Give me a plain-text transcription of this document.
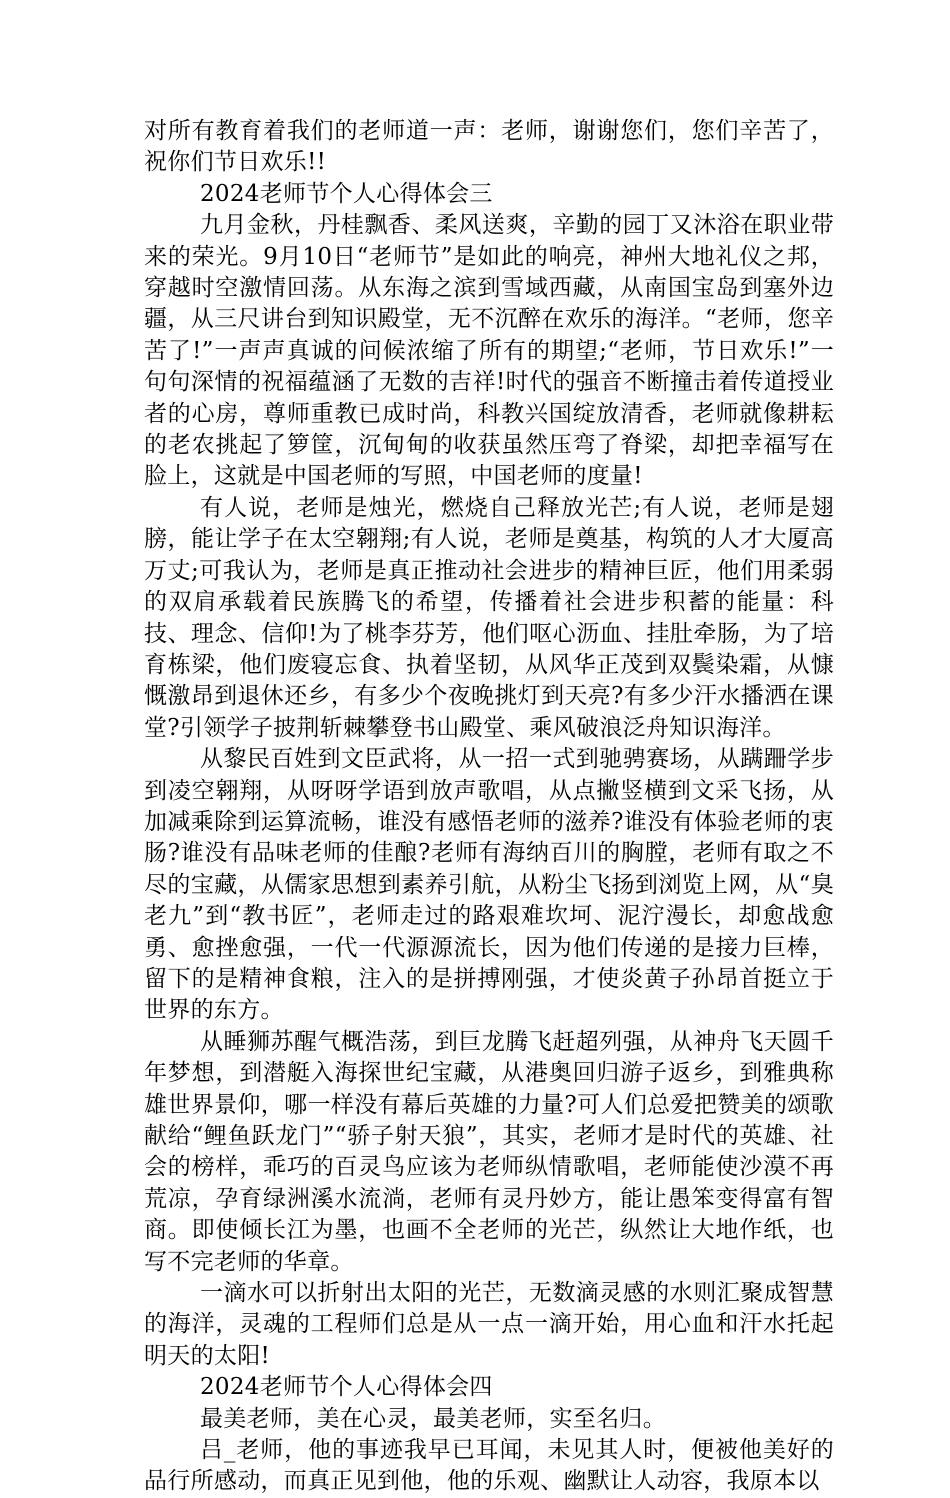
对所有教育着我们的老师道一声：老师，谢谢您们，您们辛苦了，祝你们节日欢乐!!

2024老师节个人心得体会三

九月金秋，丹桂飘香、柔风送爽，辛勤的园丁又沐浴在职业带来的荣光。9月10日“老师节”是如此的响亮，神州大地礼仪之邦，穿越时空激情回荡。从东海之滨到雪域西藏，从南国宝岛到塞外边疆，从三尺讲台到知识殿堂，无不沉醉在欢乐的海洋。“老师，您辛苦了!”一声声真诚的问候浓缩了所有的期望;“老师，节日欢乐!”一句句深情的祝福蕴涵了无数的吉祥!时代的强音不断撞击着传道授业者的心房，尊师重教已成时尚，科教兴国绽放清香，老师就像耕耘的老农挑起了箩筐，沉甸甸的收获虽然压弯了脊梁，却把幸福写在脸上，这就是中国老师的写照，中国老师的度量!

有人说，老师是烛光，燃烧自己释放光芒;有人说，老师是翅膀，能让学子在太空翱翔;有人说，老师是奠基，构筑的人才大厦高万丈;可我认为，老师是真正推动社会进步的精神巨匠，他们用柔弱的双肩承载着民族腾飞的希望，传播着社会进步积蓄的能量：科技、理念、信仰!为了桃李芬芳，他们呕心沥血、挂肚牵肠，为了培育栋梁，他们废寝忘食、执着坚韧，从风华正茂到双鬓染霜，从慷慨激昂到退休还乡，有多少个夜晚挑灯到天亮?有多少汗水播洒在课堂?引领学子披荆斩棘攀登书山殿堂、乘风破浪泛舟知识海洋。

从黎民百姓到文臣武将，从一招一式到驰骋赛场，从蹒跚学步到凌空翱翔，从呀呀学语到放声歌唱，从点撇竖横到文采飞扬，从加减乘除到运算流畅，谁没有感悟老师的滋养?谁没有体验老师的衷肠?谁没有品味老师的佳酿?老师有海纳百川的胸膛，老师有取之不尽的宝藏，从儒家思想到素养引航，从粉尘飞扬到浏览上网，从“臭老九”到“教书匠”，老师走过的路艰难坎坷、泥泞漫长，却愈战愈勇、愈挫愈强，一代一代源源流长，因为他们传递的是接力巨棒，留下的是精神食粮，注入的是拼搏刚强，才使炎黄子孙昂首挺立于世界的东方。

从睡狮苏醒气概浩荡，到巨龙腾飞赶超列强，从神舟飞天圆千年梦想，到潜艇入海探世纪宝藏，从港奥回归游子返乡，到雅典称雄世界景仰，哪一样没有幕后英雄的力量?可人们总爱把赞美的颂歌献给“鲤鱼跃龙门”“骄子射天狼”，其实，老师才是时代的英雄、社会的榜样，乖巧的百灵鸟应该为老师纵情歌唱，老师能使沙漠不再荒凉，孕育绿洲溪水流淌，老师有灵丹妙方，能让愚笨变得富有智商。即使倾长江为墨，也画不全老师的光芒，纵然让大地作纸，也写不完老师的华章。

一滴水可以折射出太阳的光芒，无数滴灵感的水则汇聚成智慧的海洋，灵魂的工程师们总是从一点一滴开始，用心血和汗水托起明天的太阳!

2024老师节个人心得体会四

最美老师，美在心灵，最美老师，实至名归。

吕_老师，他的事迹我早已耳闻，未见其人时，便被他美好的品行所感动，而真正见到他，他的乐观、幽默让人动容，我原本以
